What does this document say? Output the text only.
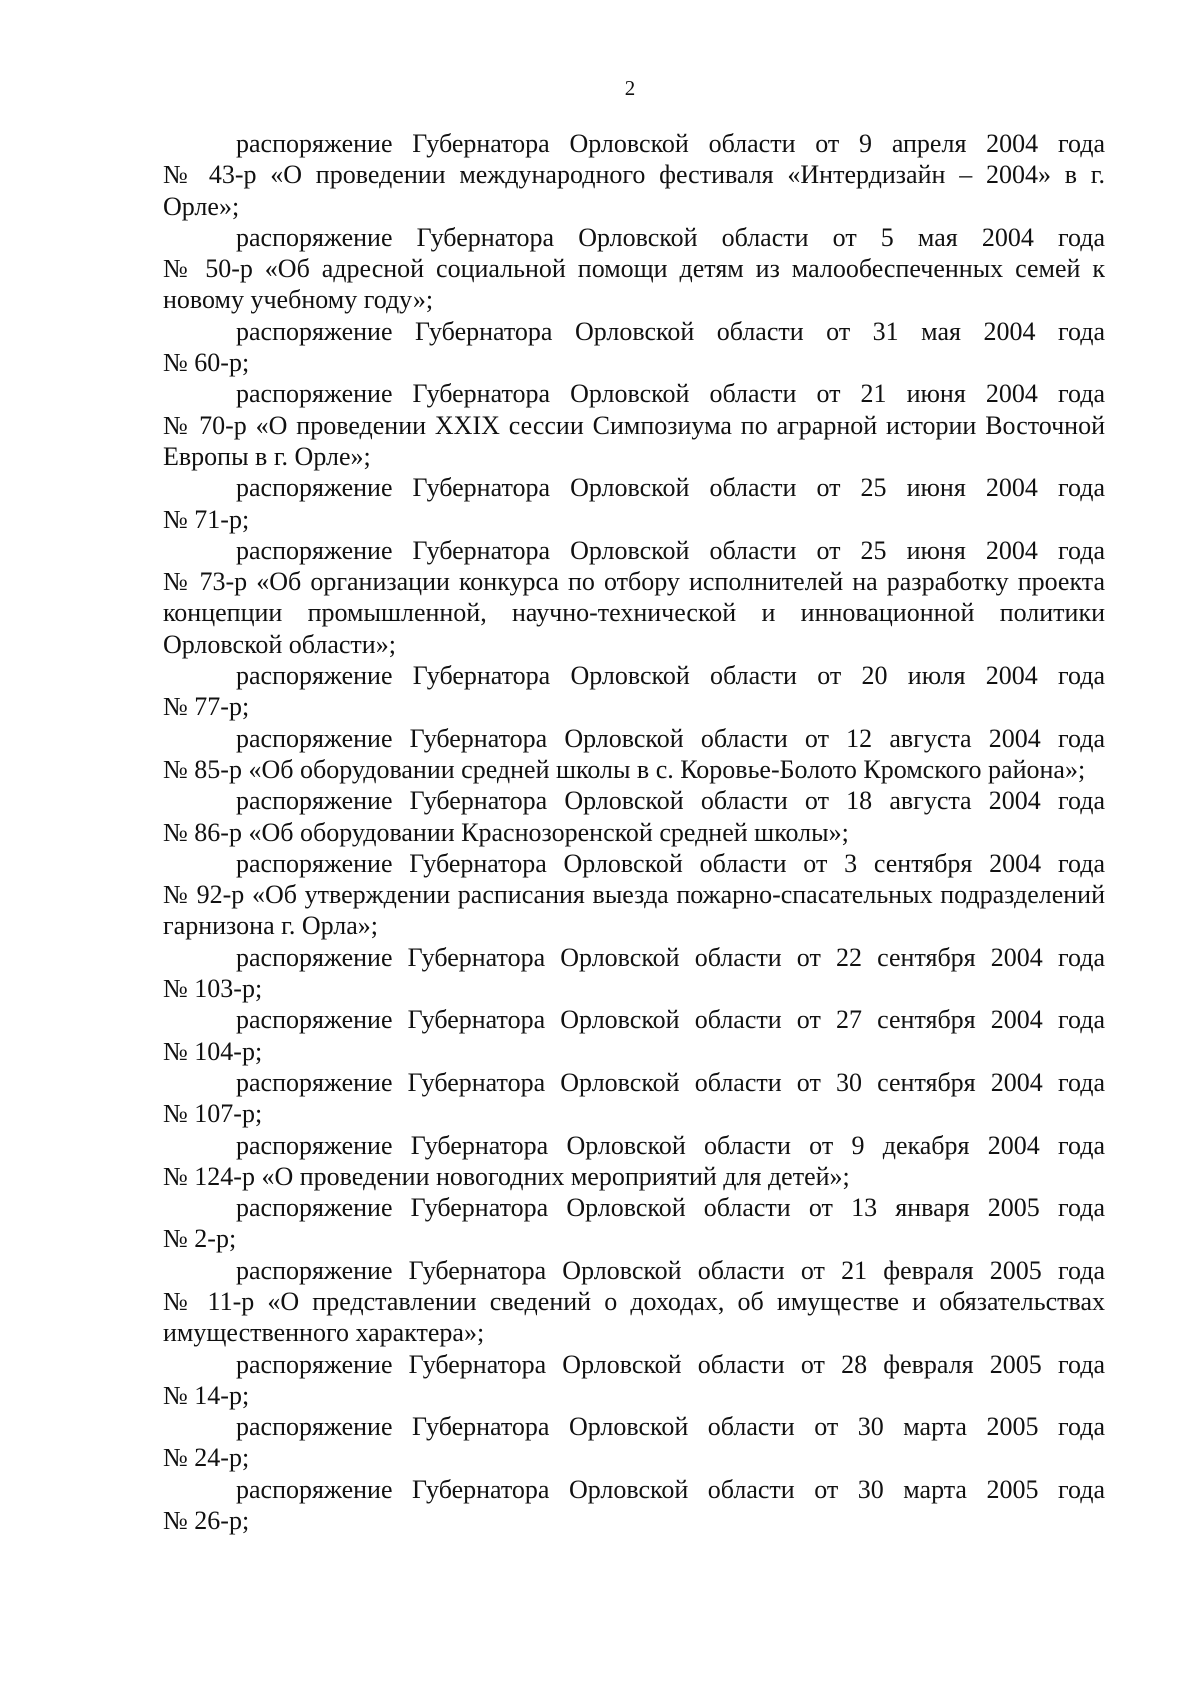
2

распоряжение Губернатора Орловской области от 9 апреля 2004 года
№ 43-р «О проведении международного фестиваля «Интердизайн – 2004» в г. Орле»;

распоряжение Губернатора Орловской области от 5 мая 2004 года
№ 50-р «Об адресной социальной помощи детям из малообеспеченных семей к новому учебному году»;

распоряжение Губернатора Орловской области от 31 мая 2004 года
№ 60-р;

распоряжение Губернатора Орловской области от 21 июня 2004 года
№ 70-р «О проведении XXIX сессии Симпозиума по аграрной истории Восточной Европы в г. Орле»;

распоряжение Губернатора Орловской области от 25 июня 2004 года
№ 71-р;

распоряжение Губернатора Орловской области от 25 июня 2004 года
№ 73-р «Об организации конкурса по отбору исполнителей на разработку проекта концепции промышленной, научно-технической и инновационной политики Орловской области»;

распоряжение Губернатора Орловской области от 20 июля 2004 года
№ 77-р;

распоряжение Губернатора Орловской области от 12 августа 2004 года
№ 85-р «Об оборудовании средней школы в с. Коровье-Болото Кромского района»;

распоряжение Губернатора Орловской области от 18 августа 2004 года
№ 86-р «Об оборудовании Краснозоренской средней школы»;

распоряжение Губернатора Орловской области от 3 сентября 2004 года
№ 92-р «Об утверждении расписания выезда пожарно-спасательных подразделений гарнизона г. Орла»;

распоряжение Губернатора Орловской области от 22 сентября 2004 года
№ 103-р;

распоряжение Губернатора Орловской области от 27 сентября 2004 года
№ 104-р;

распоряжение Губернатора Орловской области от 30 сентября 2004 года
№ 107-р;

распоряжение Губернатора Орловской области от 9 декабря 2004 года
№ 124-р «О проведении новогодних мероприятий для детей»;

распоряжение Губернатора Орловской области от 13 января 2005 года
№ 2-р;

распоряжение Губернатора Орловской области от 21 февраля 2005 года
№ 11-р «О представлении сведений о доходах, об имуществе и обязательствах имущественного характера»;

распоряжение Губернатора Орловской области от 28 февраля 2005 года
№ 14-р;

распоряжение Губернатора Орловской области от 30 марта 2005 года
№ 24-р;

распоряжение Губернатора Орловской области от 30 марта 2005 года
№ 26-р;
